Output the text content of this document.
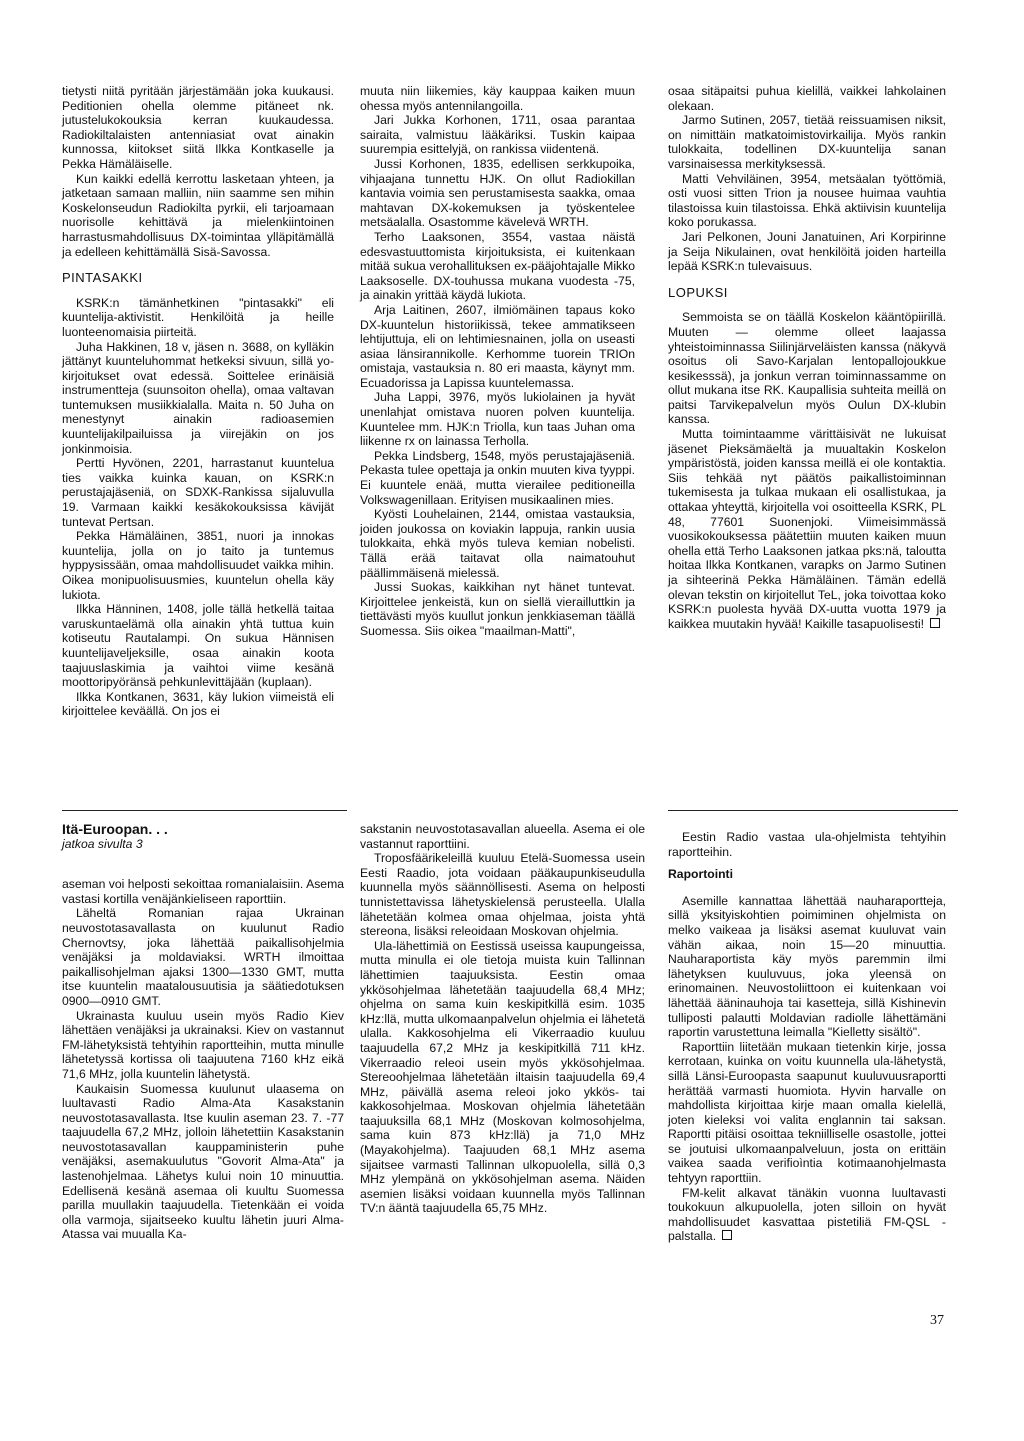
tietysti niitä pyritään järjestämään joka kuukausi. Peditionien ohella olemme pitäneet nk. jutustelukokouksia kerran kuukaudessa. Radiokiltalaisten antenniasiat ovat ainakin kunnossa, kiitokset siitä Ilkka Kontkaselle ja Pekka Hämäläiselle.

Kun kaikki edellä kerrottu lasketaan yhteen, ja jatketaan samaan malliin, niin saamme sen mihin Koskelonseudun Radiokilta pyrkii, eli tarjoamaan nuorisolle kehittävä ja mielenkiintoinen harrastusmahdollisuus DX-toimintaa ylläpitämällä ja edelleen kehittämällä Sisä-Savossa.

PINTASAKKI

KSRK:n tämänhetkinen "pintasakki" eli kuuntelija-aktivistit. Henkilöitä ja heille luonteenomaisia piirteitä.

Juha Hakkinen, 18 v, jäsen n. 3688, on kylläkin jättänyt kuunteluhommat hetkeksi sivuun, sillä yo-kirjoitukset ovat edessä. Soittelee erinäisiä instrumentteja (suunsoiton ohella), omaa valtavan tuntemuksen musiikkialalla. Maita n. 50 Juha on menestynyt ainakin radioasemien kuuntelijakilpailuissa ja viirejäkin on jos jonkinmoisia.

Pertti Hyvönen, 2201, harrastanut kuuntelua ties vaikka kuinka kauan, on KSRK:n perustajajäseniä, on SDXK-Rankissa sijaluvulla 19. Varmaan kaikki kesäkokouksissa kävijät tuntevat Pertsan.

Pekka Hämäläinen, 3851, nuori ja innokas kuuntelija, jolla on jo taito ja tuntemus hyppysissään, omaa mahdollisuudet vaikka mihin. Oikea monipuolisuusmies, kuuntelun ohella käy lukiota.

Ilkka Hänninen, 1408, jolle tällä hetkellä taitaa varuskuntaelämä olla ainakin yhtä tuttua kuin kotiseutu Rautalampi. On sukua Hännisen kuuntelijaveljeksille, osaa ainakin koota taajuuslaskimia ja vaihtoi viime kesänä moottoripyöränsä pehkunlevittäjään (kuplaan).

Ilkka Kontkanen, 3631, käy lukion viimeistä eli kirjoittelee keväällä. On jos ei

muuta niin liikemies, käy kauppaa kaiken muun ohessa myös antennilangoilla.

Jari Jukka Korhonen, 1711, osaa parantaa sairaita, valmistuu lääkäriksi. Tuskin kaipaa suurempia esittelyjä, on rankissa viidentenä.

Jussi Korhonen, 1835, edellisen serkkupoika, vihjaajana tunnettu HJK. On ollut Radiokillan kantavia voimia sen perustamisesta saakka, omaa mahtavan DX-kokemuksen ja työskentelee metsäalalla. Osastomme kävelevä WRTH.

Terho Laaksonen, 3554, vastaa näistä edesvastuuttomista kirjoituksista, ei kuitenkaan mitää sukua verohallituksen ex-pääjohtajalle Mikko Laaksoselle. DX-touhussa mukana vuodesta -75, ja ainakin yrittää käydä lukiota.

Arja Laitinen, 2607, ilmiömäinen tapaus koko DX-kuuntelun historiikissä, tekee ammatikseen lehtijuttuja, eli on lehtimiesnainen, jolla on useasti asiaa länsirannikolle. Kerhomme tuorein TRIOn omistaja, vastauksia n. 80 eri maasta, käynyt mm. Ecuadorissa ja Lapissa kuuntelemassa.

Juha Lappi, 3976, myös lukiolainen ja hyvät unenlahjat omistava nuoren polven kuuntelija. Kuuntelee mm. HJK:n Triolla, kun taas Juhan oma liikenne rx on lainassa Terholla.

Pekka Lindsberg, 1548, myös perustajajäseniä. Pekasta tulee opettaja ja onkin muuten kiva tyyppi. Ei kuuntele enää, mutta vierailee peditioneilla Volkswagenillaan. Erityisen musikaalinen mies.

Kyösti Louhelainen, 2144, omistaa vastauksia, joiden joukossa on koviakin lappuja, rankin uusia tulokkaita, ehkä myös tuleva kemian nobelisti. Tällä erää taitavat olla naimatouhut päällimmäisenä mielessä.

Jussi Suokas, kaikkihan nyt hänet tuntevat. Kirjoittelee jenkeistä, kun on siellä vierailluttkin ja tiettävästi myös kuullut jonkun jenkkiaseman täällä Suomessa. Siis oikea "maailman-Matti",

osaa sitäpaitsi puhua kielillä, vaikkei lahkolainen olekaan.

Jarmo Sutinen, 2057, tietää reissuamisen niksit, on nimittäin matkatoimistovirkailija. Myös rankin tulokkaita, todellinen DX-kuuntelija sanan varsinaisessa merkityksessä.

Matti Vehviläinen, 3954, metsäalan työttömiä, osti vuosi sitten Trion ja nousee huimaa vauhtia tilastoissa kuin tilastoissa. Ehkä aktiivisin kuuntelija koko porukassa.

Jari Pelkonen, Jouni Janatuinen, Ari Korpirinne ja Seija Nikulainen, ovat henkilöitä joiden harteilla lepää KSRK:n tulevaisuus.

LOPUKSI

Semmoista se on täällä Koskelon kääntöpiirillä. Muuten — olemme olleet laajassa yhteistoiminnassa Siilinjärveläisten kanssa (näkyvä osoitus oli Savo-Karjalan lentopallojoukkue kesikesssä), ja jonkun verran toiminnassamme on ollut mukana itse RK. Kaupallisia suhteita meillä on paitsi Tarvikepalvelun myös Oulun DX-klubin kanssa.

Mutta toimintaamme värittäisivät ne lukuisat jäsenet Pieksämäeltä ja muualtakin Koskelon ympäristöstä, joiden kanssa meillä ei ole kontaktia. Siis tehkää nyt päätös paikallistoiminnan tukemisesta ja tulkaa mukaan eli osallistukaa, ja ottakaa yhteyttä, kirjoitella voi osoitteella KSRK, PL 48, 77601 Suonenjoki. Viimeisimmässä vuosikokouksessa päätettiin muuten kaiken muun ohella että Terho Laaksonen jatkaa pks:nä, taloutta hoitaa Ilkka Kontkanen, varapks on Jarmo Sutinen ja sihteerinä Pekka Hämäläinen. Tämän edellä olevan tekstin on kirjoitellut TeL, joka toivottaa koko KSRK:n puolesta hyvää DX-uutta vuotta 1979 ja kaikkea muutakin hyvää! Kaikille tasapuolisesti!

Itä-Euroopan. . .

jatkoa sivulta 3

aseman voi helposti sekoittaa romanialaisiin. Asema vastasi kortilla venäjänkieliseen raporttiin.

Läheltä Romanian rajaa Ukrainan neuvostotasavallasta on kuulunut Radio Chernovtsy, joka lähettää paikallisohjelmia venäjäksi ja moldaviaksi. WRTH ilmoittaa paikallisohjelman ajaksi 1300—1330 GMT, mutta itse kuuntelin maatalousuutisia ja säätiedotuksen 0900—0910 GMT.

Ukrainasta kuuluu usein myös Radio Kiev lähettäen venäjäksi ja ukrainaksi. Kiev on vastannut FM-lähetyksistä tehtyihin raportteihin, mutta minulle lähetetyssä kortissa oli taajuutena 7160 kHz eikä 71,6 MHz, jolla kuuntelin lähetystä.

Kaukaisin Suomessa kuulunut ulaasema on luultavasti Radio Alma-Ata Kasakstanin neuvostotasavallasta. Itse kuulin aseman 23. 7. -77 taajuudella 67,2 MHz, jolloin lähetettiin Kasakstanin neuvostotasavallan kauppaministerin puhe venäjäksi, asemakuulutus "Govorit Alma-Ata" ja lastenohjelmaa. Lähetys kului noin 10 minuuttia. Edellisenä kesänä asemaa oli kuultu Suomessa parilla muullakin taajuudella. Tietenkään ei voida olla varmoja, sijaitseeko kuultu lähetin juuri Alma-Atassa vai muualla Ka-

sakstanin neuvostotasavallan alueella. Asema ei ole vastannut raporttiini.

Troposfäärikeleillä kuuluu Etelä-Suomessa usein Eesti Raadio, jota voidaan pääkaupunkiseudulla kuunnella myös säännöllisesti. Asema on helposti tunnistettavissa lähetyskielensä perusteella. Ulalla lähetetään kolmea omaa ohjelmaa, joista yhtä stereona, lisäksi releoidaan Moskovan ohjelmia.

Ula-lähettimiä on Eestissä useissa kaupungeissa, mutta minulla ei ole tietoja muista kuin Tallinnan lähettimien taajuuksista. Eestin omaa ykkösohjelmaa lähetetään taajuudella 68,4 MHz; ohjelma on sama kuin keskipitkillä esim. 1035 kHz:llä, mutta ulkomaanpalvelun ohjelmia ei lähetetä ulalla. Kakkosohjelma eli Vikerraadio kuuluu taajuudella 67,2 MHz ja keskipitkillä 711 kHz. Vikerraadio releoi usein myös ykkösohjelmaa. Stereoohjelmaa lähetetään iltaisin taajuudella 69,4 MHz, päivällä asema releoi joko ykkös- tai kakkosohjelmaa. Moskovan ohjelmia lähetetään taajuuksilla 68,1 MHz (Moskovan kolmosohjelma, sama kuin 873 kHz:llä) ja 71,0 MHz (Mayakohjelma). Taajuuden 68,1 MHz asema sijaitsee varmasti Tallinnan ulkopuolella, sillä 0,3 MHz ylempänä on ykkösohjelman asema. Näiden asemien lisäksi voidaan kuunnella myös Tallinnan TV:n ääntä taajuudella 65,75 MHz.

Eestin Radio vastaa ula-ohjelmista tehtyihin raportteihin.

Raportointi

Asemille kannattaa lähettää nauharaportteja, sillä yksityiskohtien poimiminen ohjelmista on melko vaikeaa ja lisäksi asemat kuuluvat vain vähän aikaa, noin 15—20 minuuttia. Nauharaportista käy myös paremmin ilmi lähetyksen kuuluvuus, joka yleensä on erinomainen. Neuvostoliittoon ei kuitenkaan voi lähettää ääninauhoja tai kasetteja, sillä Kishinevin tulliposti palautti Moldavian radiolle lähettämäni raportin varustettuna leimalla "Kielletty sisältö".

Raporttiin liitetään mukaan tietenkin kirje, jossa kerrotaan, kuinka on voitu kuunnella ula-lähetystä, sillä Länsi-Euroopasta saapunut kuuluvuusraportti herättää varmasti huomiota. Hyvin harvalle on mahdollista kirjoittaa kirje maan omalla kielellä, joten kieleksi voi valita englannin tai saksan. Raportti pitäisi osoittaa tekniilliselle osastolle, jottei se joutuisi ulkomaanpalveluun, josta on erittäin vaikea saada verifioìntia kotimaanohjelmasta tehtyyn raporttiin.

FM-kelit alkavat tänäkin vuonna luultavasti toukokuun alkupuolella, joten silloin on hyvät mahdollisuudet kasvattaa pistetiliä FM-QSL -palstalla.

37
